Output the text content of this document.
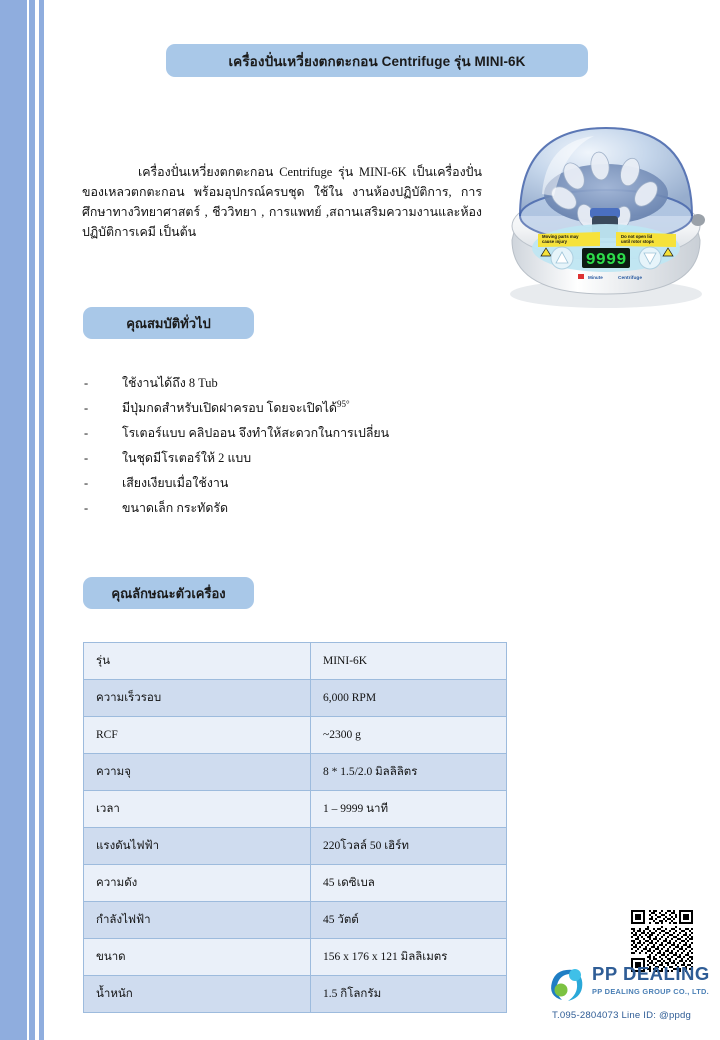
เครื่องปั่นเหวี่ยงตกตะกอน Centrifuge รุ่น MINI-6K
เครื่องปั่นเหวี่ยงตกตะกอน Centrifuge รุ่น MINI-6K เป็นเครื่องปั่นของเหลวตกตะกอน พร้อมอุปกรณ์ครบชุด ใช้ใน งานห้องปฏิบัติการ, การศึกษาทางวิทยาศาสตร์ , ชีววิทยา , การแพทย์ ,สถานเสริมความงานและห้องปฏิบัติการเคมี เป็นต้น	Moving parts may
cause injury
Do not open lid
until rotor stops
9999
Minute	Centrifuge
คุณสมบัติทั่วไป
-	ใช้งานได้ถึง 8 Tub
-	มีปุ่มกดสำหรับเปิดฝาครอบ โดยจะเปิดได้$^{95^\circ}$
-	โรเตอร์แบบ คลิปออน จึงทำให้สะดวกในการเปลี่ยน
-	ในชุดมีโรเตอร์ให้ 2 แบบ
-	เสียงเงียบเมื่อใช้งาน
-	ขนาดเล็ก กระทัดรัด
คุณลักษณะตัวเครื่อง
รุ่น	MINI-6K
ความเร็วรอบ	6,000 RPM
RCF	~2300 g
ความจุ	8 * 1.5/2.0 มิลลิลิตร
เวลา	1 – 9999 นาที
แรงดันไฟฟ้า	220โวลล์ 50 เฮิร์ท
ความดัง	45 เดซิเบล
กำลังไฟฟ้า	45 วัตต์
ขนาด	156 x 176 x 121 มิลลิเมตร
น้ำหนัก	1.5 กิโลกรัม
PP DEALING
PP DEALING GROUP CO., LTD.
T.095-2804073 Line ID: @ppdg
